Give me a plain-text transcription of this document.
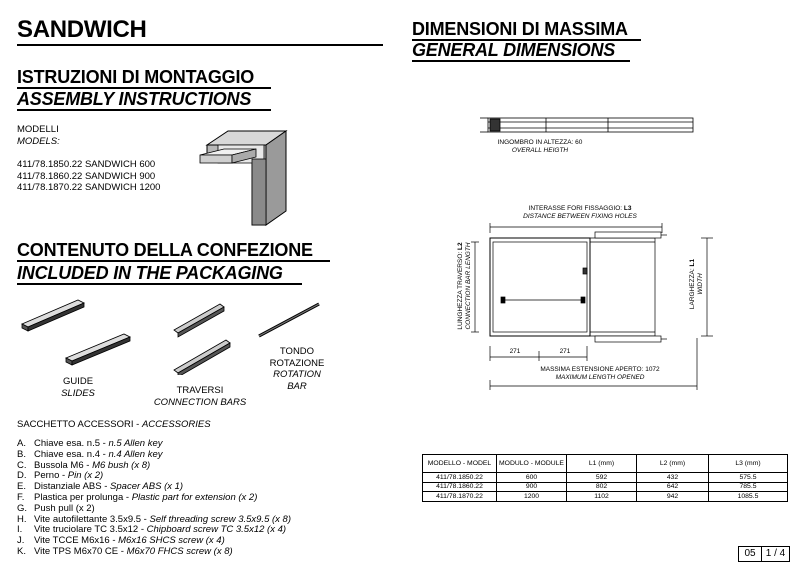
SANDWICH
ISTRUZIONI DI MONTAGGIO
ASSEMBLY INSTRUCTIONS
MODELLI
MODELS:
411/78.1850.22 SANDWICH 600
411/78.1860.22 SANDWICH 900
411/78.1870.22 SANDWICH 1200
CONTENUTO DELLA CONFEZIONE
INCLUDED IN THE PACKAGING
GUIDE
SLIDES	TRAVERSI
CONNECTION BARS
TONDO
ROTAZIONE
ROTATION
BAR
SACCHETTO ACCESSORI - ACCESSORIES
A. Chiave esa. n.5 - n.5 Allen key
B. Chiave esa. n.4 - n.4 Allen key
C. Bussola M6 - M6 bush (x 8)
D. Perno - Pin (x 2)
E. Distanziale ABS - Spacer ABS (x 1)
F. Plastica per prolunga - Plastic part for extension (x 2)
G. Push pull (x 2)
H. Vite autofilettante 3.5x9.5 - Self threading screw 3.5x9.5 (x 8)
I. Vite truciolare TC 3.5x12 - Chipboard screw TC 3.5x12 (x 4)
J. Vite TCCE M6x16 - M6x16 SHCS screw (x 4)
K. Vite TPS M6x70 CE - M6x70 FHCS screw (x 8)
DIMENSIONI DI MASSIMA
GENERAL DIMENSIONS
INGOMBRO IN ALTEZZA: 60
OVERALL HEIGTH
INTERASSE FORI FISSAGGIO: L3
DISTANCE BETWEEN FIXING HOLES
LUNGHEZZA TRAVERSO: L2 CONNECTION BAR LENGTH	LARGHEZZA: L1
WIDTH
271	271
MASSIMA ESTENSIONE APERTO: 1072
MAXIMUM LENGTH OPENED
MODELLO - MODEL	MODULO - MODULE	L1 (mm)	L2 (mm)	L3 (mm)
411/78.1850.22	600	592	432	575.5
411/78.1860.22	900	802	642	785.5
411/78.1870.22	1200	1102	942	1085.5
05	1 / 4
